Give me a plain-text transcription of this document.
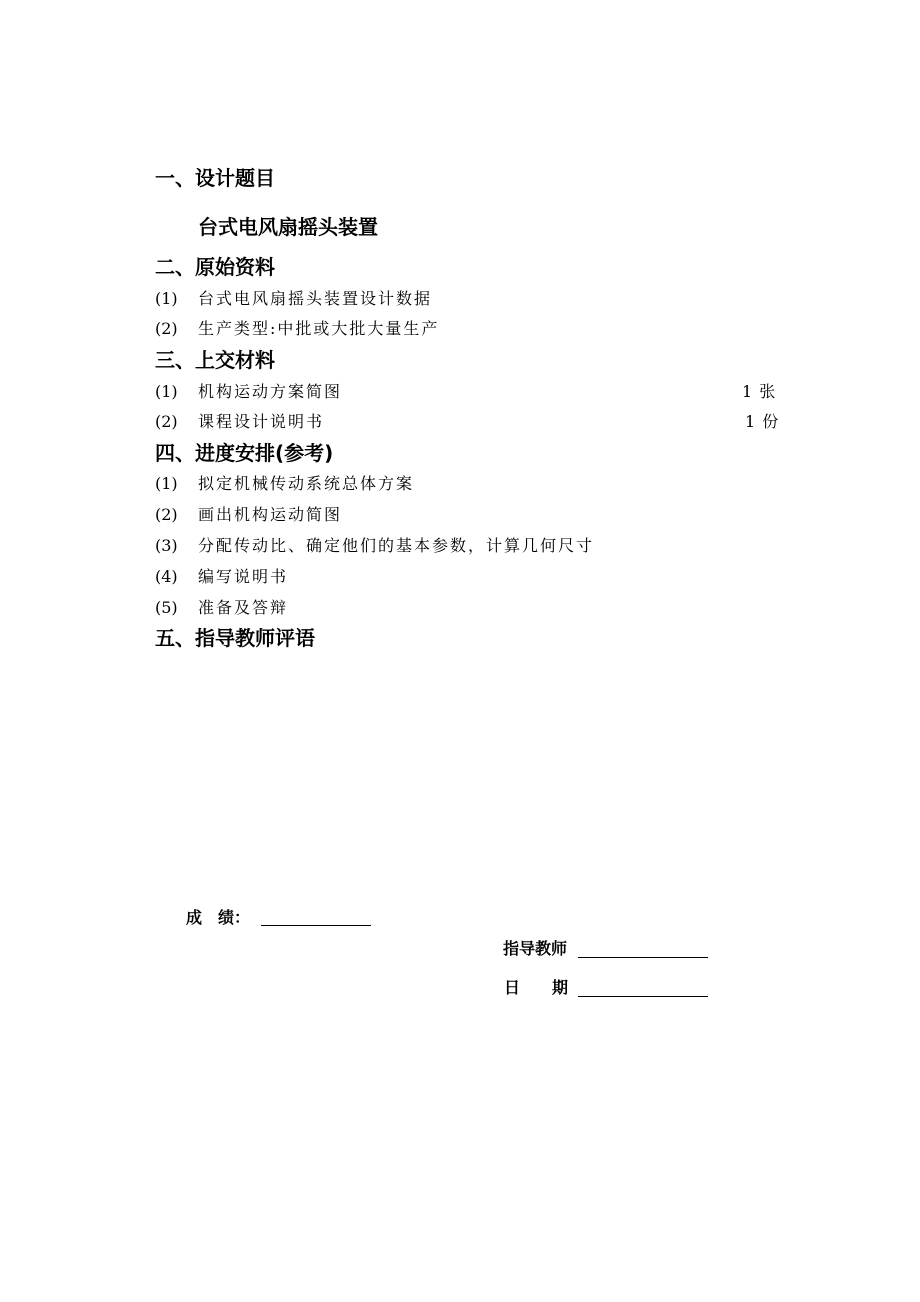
一、设计题目
台式电风扇摇头装置
二、原始资料
(1) 台式电风扇摇头装置设计数据
(2) 生产类型:中批或大批大量生产
三、上交材料
(1) 机构运动方案简图	1 张
(2) 课程设计说明书	1 份
四、进度安排(参考)
(1) 拟定机械传动系统总体方案
(2) 画出机构运动简图
(3) 分配传动比、确定他们的基本参数，计算几何尺寸
(4) 编写说明书
(5) 准备及答辩
五、指导教师评语
成　绩：
指导教师
日　　期
